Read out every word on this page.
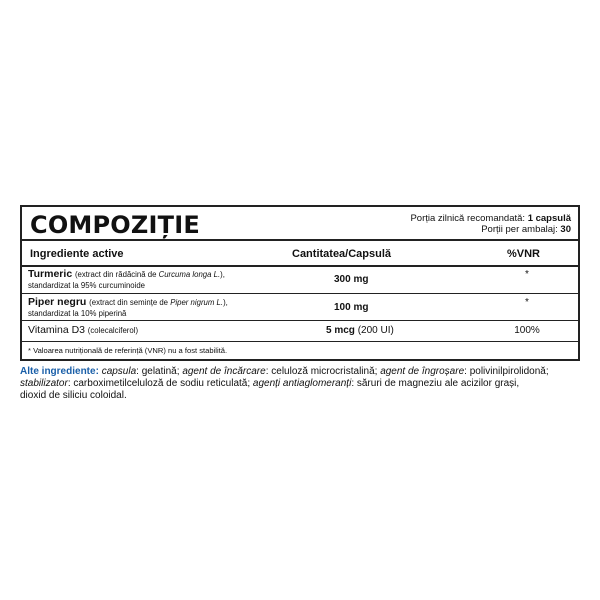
COMPOZIȚIE	Porția zilnică recomandată: 1 capsulă
Porții per ambalaj: 30
Ingrediente active	Cantitatea/Capsulă	%VNR
Turmeric (extract din rădăcină de Curcuma longa L.),
standardizat la 95% curcuminoide
300 mg	*
Piper negru (extract din semințe de Piper nigrum L.),
standardizat la 10% piperină
100 mg	*
Vitamina D3 (colecalciferol)	5 mcg (200 UI)	100%
* Valoarea nutrițională de referință (VNR) nu a fost stabilită.
Alte ingrediente: capsula: gelatină; agent de încărcare: celuloză microcristalină; agent de îngroșare: polivinilpirolidonă;
stabilizator: carboximetilceluloză de sodiu reticulată; agenți antiaglomeranți: săruri de magneziu ale acizilor grași,
dioxid de siliciu coloidal.
